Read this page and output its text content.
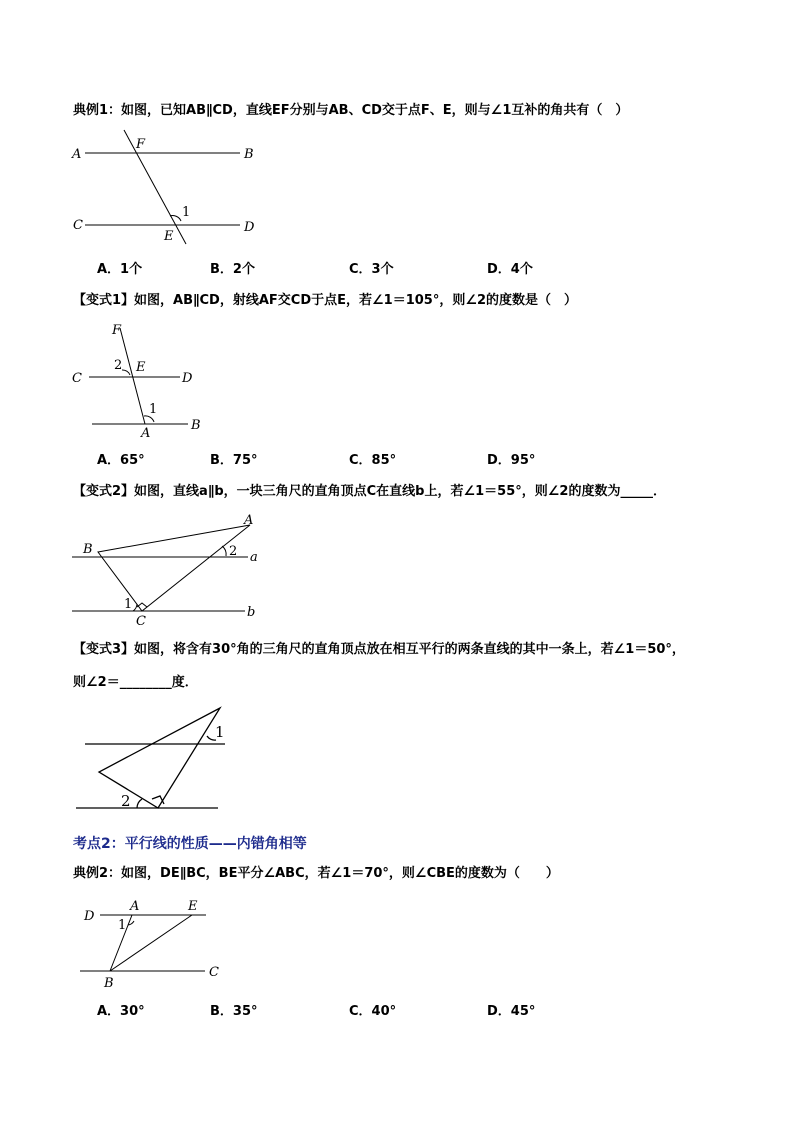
典例1：如图，已知AB∥CD，直线EF分别与AB、CD交于点F、E，则与∠1互补的角共有（　）
A	B
C	D
E
F
1
A．1个	B．2个	C．3个	D．4个
【变式1】如图，AB∥CD，射线AF交CD于点E，若∠1＝105°，则∠2的度数是（　）
F
2 E
C	D
1
B
A
A．65°	B．75°	C．85°	D．95°
【变式2】如图，直线a∥b，一块三角尺的直角顶点C在直线b上，若∠1＝55°，则∠2的度数为_____．
A
B	2 a
1
b
C
【变式3】如图，将含有30°角的三角尺的直角顶点放在相互平行的两条直线的其中一条上，若∠1＝50°，
则∠2＝________度．
1
2
考点2：平行线的性质——内错角相等
典例2：如图，DE∥BC，BE平分∠ABC，若∠1＝70°，则∠CBE的度数为（　　）
D
A	E
1
C
B
A．30°	B．35°	C．40°	D．45°
